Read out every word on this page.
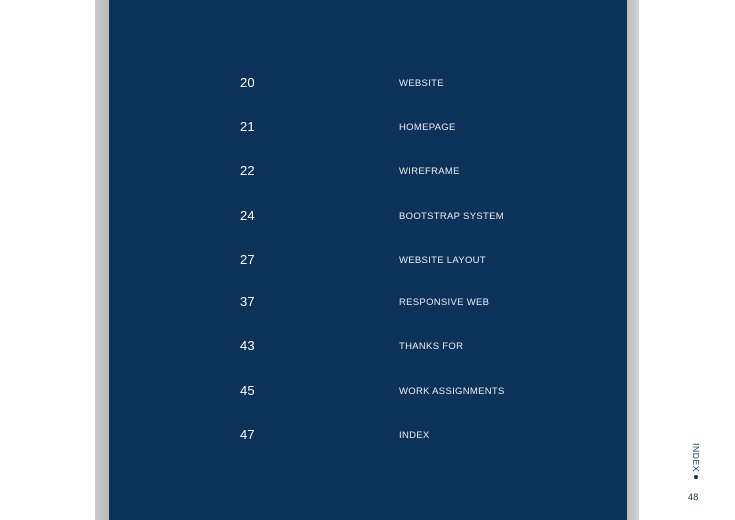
20	WEBSITE
21	HOMEPAGE
22	WIREFRAME
24	BOOTSTRAP SYSTEM
27	WEBSITE LAYOUT
37	RESPONSIVE WEB
43	THANKS FOR
45	WORK ASSIGNMENTS
47	INDEX
INDEX
48
